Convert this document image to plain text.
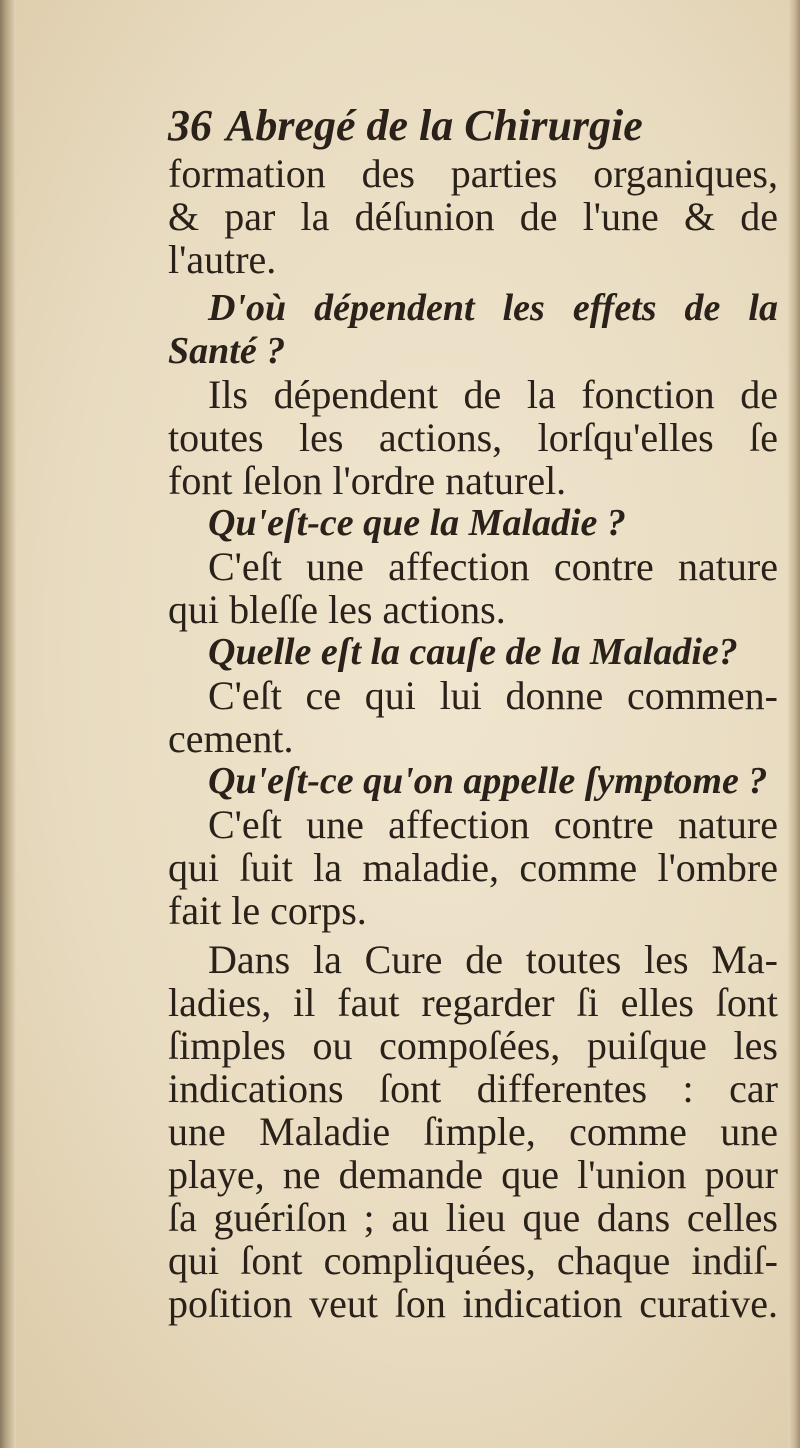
36 Abregé de la Chirurgie
formation des parties organiques,
& par la déſunion de l'une & de
l'autre.
D'où dépendent les effets de la
Santé ?
Ils dépendent de la fonction de
toutes les actions, lorſqu'elles ſe
font ſelon l'ordre naturel.
Qu'eſt-ce que la Maladie ?
C'eſt une affection contre nature
qui bleſſe les actions.
Quelle eſt la cauſe de la Maladie?
C'eſt ce qui lui donne commen-
cement.
Qu'eſt-ce qu'on appelle ſymptome ?
C'eſt une affection contre nature
qui ſuit la maladie, comme l'ombre
fait le corps.
Dans la Cure de toutes les Ma-
ladies, il faut regarder ſi elles ſont
ſimples ou compoſées, puiſque les
indications ſont differentes : car
une Maladie ſimple, comme une
playe, ne demande que l'union pour
ſa guériſon ; au lieu que dans celles
qui ſont compliquées, chaque indiſ-
poſition veut ſon indication curative.
